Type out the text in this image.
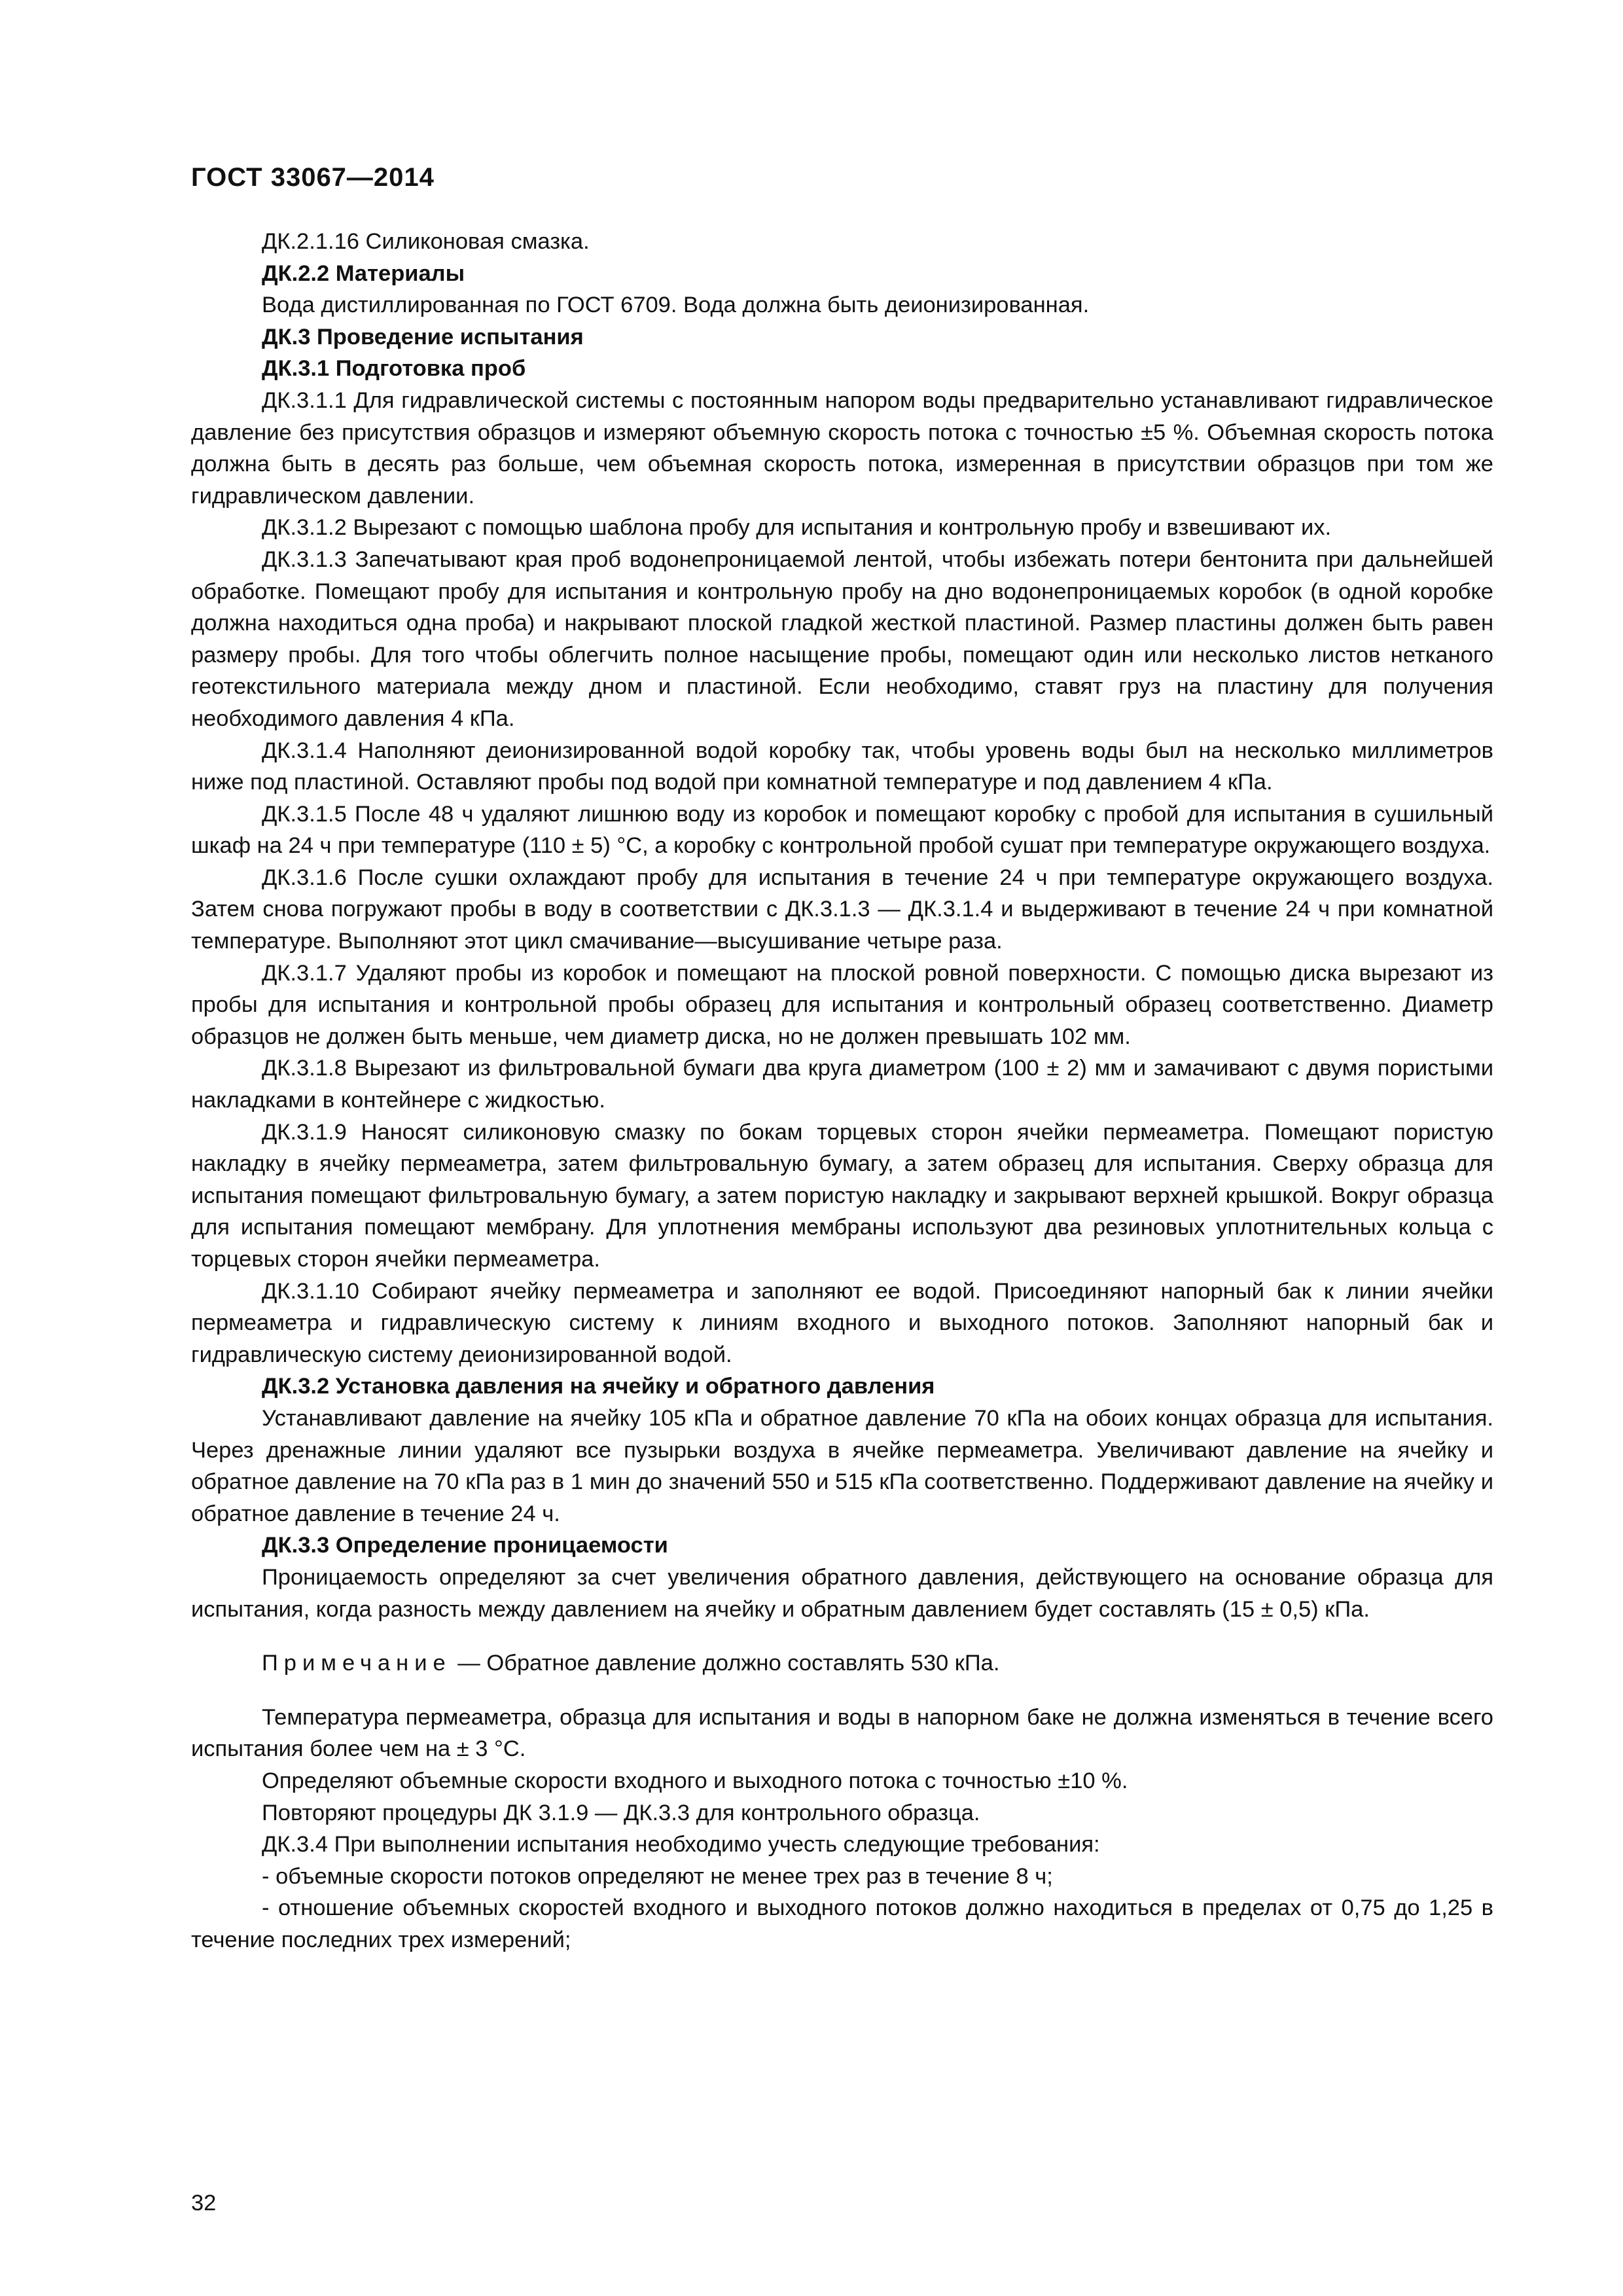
ГОСТ 33067—2014

ДК.2.1.16 Силиконовая смазка.

ДК.2.2 Материалы

Вода дистиллированная по ГОСТ 6709. Вода должна быть деионизированная.

ДК.3 Проведение испытания

ДК.3.1 Подготовка проб

ДК.3.1.1 Для гидравлической системы с постоянным напором воды предварительно устанавливают гидравлическое давление без присутствия образцов и измеряют объемную скорость потока с точностью ±5 %. Объемная скорость потока должна быть в десять раз больше, чем объемная скорость потока, измеренная в присутствии образцов при том же гидравлическом давлении.

ДК.3.1.2 Вырезают с помощью шаблона пробу для испытания и контрольную пробу и взвешивают их.

ДК.3.1.3 Запечатывают края проб водонепроницаемой лентой, чтобы избежать потери бентонита при дальнейшей обработке. Помещают пробу для испытания и контрольную пробу на дно водонепроницаемых коробок (в одной коробке должна находиться одна проба) и накрывают плоской гладкой жесткой пластиной. Размер пластины должен быть равен размеру пробы. Для того чтобы облегчить полное насыщение пробы, помещают один или несколько листов нетканого геотекстильного материала между дном и пластиной. Если необходимо, ставят груз на пластину для получения необходимого давления 4 кПа.

ДК.3.1.4 Наполняют деионизированной водой коробку так, чтобы уровень воды был на несколько миллиметров ниже под пластиной. Оставляют пробы под водой при комнатной температуре и под давлением 4 кПа.

ДК.3.1.5 После 48 ч удаляют лишнюю воду из коробок и помещают коробку с пробой для испытания в сушильный шкаф на 24 ч при температуре (110 ± 5) °С, а коробку с контрольной пробой сушат при температуре окружающего воздуха.

ДК.3.1.6 После сушки охлаждают пробу для испытания в течение 24 ч при температуре окружающего воздуха. Затем снова погружают пробы в воду в соответствии с ДК.3.1.3 — ДК.3.1.4 и выдерживают в течение 24 ч при комнатной температуре. Выполняют этот цикл смачивание—высушивание четыре раза.

ДК.3.1.7 Удаляют пробы из коробок и помещают на плоской ровной поверхности. С помощью диска вырезают из пробы для испытания и контрольной пробы образец для испытания и контрольный образец соответственно. Диаметр образцов не должен быть меньше, чем диаметр диска, но не должен превышать 102 мм.

ДК.3.1.8 Вырезают из фильтровальной бумаги два круга диаметром (100 ± 2) мм и замачивают с двумя пористыми накладками в контейнере с жидкостью.

ДК.3.1.9 Наносят силиконовую смазку по бокам торцевых сторон ячейки пермеаметра. Помещают пористую накладку в ячейку пермеаметра, затем фильтровальную бумагу, а затем образец для испытания. Сверху образца для испытания помещают фильтровальную бумагу, а затем пористую накладку и закрывают верхней крышкой. Вокруг образца для испытания помещают мембрану. Для уплотнения мембраны используют два резиновых уплотнительных кольца с торцевых сторон ячейки пермеаметра.

ДК.3.1.10 Собирают ячейку пермеаметра и заполняют ее водой. Присоединяют напорный бак к линии ячейки пермеаметра и гидравлическую систему к линиям входного и выходного потоков. Заполняют напорный бак и гидравлическую систему деионизированной водой.

ДК.3.2 Установка давления на ячейку и обратного давления

Устанавливают давление на ячейку 105 кПа и обратное давление 70 кПа на обоих концах образца для испытания. Через дренажные линии удаляют все пузырьки воздуха в ячейке пермеаметра. Увеличивают давление на ячейку и обратное давление на 70 кПа раз в 1 мин до значений 550 и 515 кПа соответственно. Поддерживают давление на ячейку и обратное давление в течение 24 ч.

ДК.3.3 Определение проницаемости

Проницаемость определяют за счет увеличения обратного давления, действующего на основание образца для испытания, когда разность между давлением на ячейку и обратным давлением будет составлять (15 ± 0,5) кПа.

Примечание — Обратное давление должно составлять 530 кПа.

Температура пермеаметра, образца для испытания и воды в напорном баке не должна изменяться в течение всего испытания более чем на ± 3 °С.

Определяют объемные скорости входного и выходного потока с точностью ±10 %.

Повторяют процедуры ДК 3.1.9 — ДК.3.3 для контрольного образца.

ДК.3.4 При выполнении испытания необходимо учесть следующие требования:

- объемные скорости потоков определяют не менее трех раз в течение 8 ч;

- отношение объемных скоростей входного и выходного потоков должно находиться в пределах от 0,75 до 1,25 в течение последних трех измерений;

32
